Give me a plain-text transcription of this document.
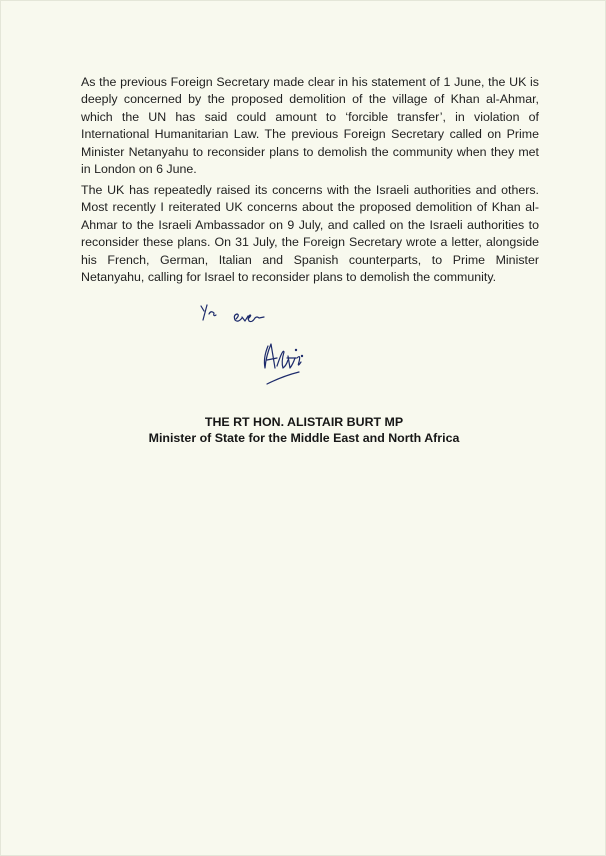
As the previous Foreign Secretary made clear in his statement of 1 June, the UK is deeply concerned by the proposed demolition of the village of Khan al-Ahmar, which the UN has said could amount to ‘forcible transfer’, in violation of International Humanitarian Law. The previous Foreign Secretary called on Prime Minister Netanyahu to reconsider plans to demolish the community when they met in London on 6 June.

The UK has repeatedly raised its concerns with the Israeli authorities and others. Most recently I reiterated UK concerns about the proposed demolition of Khan al-Ahmar to the Israeli Ambassador on 9 July, and called on the Israeli authorities to reconsider these plans. On 31 July, the Foreign Secretary wrote a letter, alongside his French, German, Italian and Spanish counterparts, to Prime Minister Netanyahu, calling for Israel to reconsider plans to demolish the community.

THE RT HON. ALISTAIR BURT MP
Minister of State for the Middle East and North Africa
